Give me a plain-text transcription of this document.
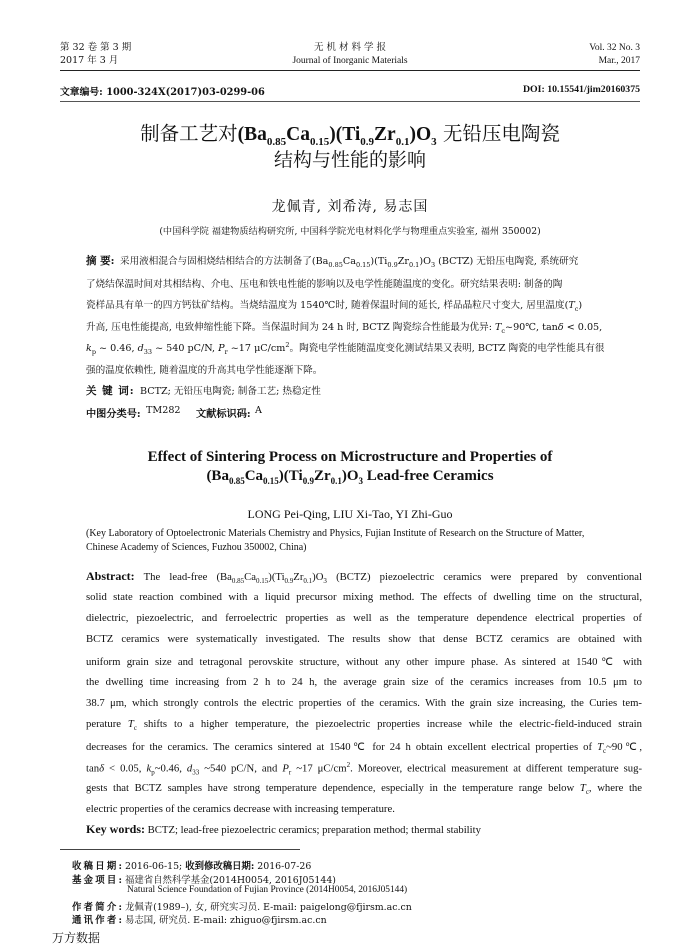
第 32 卷 第 3 期
2017 年 3 月
无 机 材 料 学 报
Journal of Inorganic Materials
Vol. 32 No. 3
Mar., 2017
文章编号: 1000-324X(2017)03-0299-06	DOI: 10.15541/jim20160375
制备工艺对$(Ba_{0.85}Ca_{0.15})(Ti_{0.9}Zr_{0.1})O_3$ 无铅压电陶瓷
结构与性能的影响
龙佩青, 刘希涛, 易志国
(中国科学院 福建物质结构研究所, 中国科学院光电材料化学与物理重点实验室, 福州 350002)
摘 要: 采用液相混合与固相烧结相结合的方法制备了$(Ba_{0.85}Ca_{0.15})(Ti_{0.9}Zr_{0.1})O_3$ (BCTZ) 无铅压电陶瓷, 系统研究
了烧结保温时间对其相结构、介电、压电和铁电性能的影响以及电学性能随温度的变化。研究结果表明: 制备的陶
瓷样品具有单一的四方钙钛矿结构。当烧结温度为 1540℃时, 随着保温时间的延长, 样品晶粒尺寸变大, 居里温度$(T_c)$
升高, 压电性能提高, 电致伸缩性能下降。当保温时间为 24 h 时, BCTZ 陶瓷综合性能最为优异: $T_c\sim 90℃$, tanδ < 0.05,
$k_p$ ~ 0.46, $d_{33}$ ~ 540 pC/N, $P_r$ ~17 $\mu C/cm^2$。陶瓷电学性能随温度变化测试结果又表明, BCTZ 陶瓷的电学性能具有很
强的温度依赖性, 随着温度的升高其电学性能逐渐下降。
关 键 词: BCTZ; 无铅压电陶瓷; 制备工艺; 热稳定性
中图分类号: TM282 文献标识码: A
Effect of Sintering Process on Microstructure and Properties of
$(Ba_{0.85}Ca_{0.15})(Ti_{0.9}Zr_{0.1})O_3$ Lead-free Ceramics
LONG Pei-Qing, LIU Xi-Tao, YI Zhi-Guo
(Key Laboratory of Optoelectronic Materials Chemistry and Physics, Fujian Institute of Research on the Structure of Matter,
Chinese Academy of Sciences, Fuzhou 350002, China)
Abstract: The lead-free $(Ba_{0.85}Ca_{0.15})(Ti_{0.9}Zr_{0.1})O_3$ (BCTZ) piezoelectric ceramics were prepared by conventional
solid state reaction combined with a liquid precursor mixing method. The effects of dwelling time on the structural,
dielectric, piezoelectric, and ferroelectric properties as well as the temperature dependence electrical properties of
BCTZ ceramics were systematically investigated. The results show that dense BCTZ ceramics are obtained with
uniform grain size and tetragonal perovskite structure, without any other impure phase. As sintered at 1540℃ with
the dwelling time increasing from 2 h to 24 h, the average grain size of the ceramics increases from 10.5 μm to
38.7 μm, which strongly controls the electric properties of the ceramics. With the grain size increasing, the Curies tem-
perature $T_c$ shifts to a higher temperature, the piezoelectric properties increase while the electric-field-induced strain
decreases for the ceramics. The ceramics sintered at 1540℃ for 24 h obtain excellent electrical properties of $T_c\sim 90℃$,
tanδ < 0.05, $k_p\sim 0.46$, $d_{33}$ ~540 pC/N, and $P_r$ ~17 $\mu C/cm^2$. Moreover, electrical measurement at different temperature sug-
gests that BCTZ samples have strong temperature dependence, especially in the temperature range below $T_c$, where the
electric properties of the ceramics decrease with increasing temperature.
Key words: BCTZ; lead-free piezoelectric ceramics; preparation method; thermal stability
收稿日期: 2016-06-15; 收到修改稿日期: 2016-07-26
基金项目: 福建省自然科学基金(2014H0054, 2016J05144)
Natural Science Foundation of Fujian Province (2014H0054, 2016J05144)
作者简介: 龙佩青(1989–), 女, 研究实习员. E-mail: paigelong@fjirsm.ac.cn
通讯作者: 易志国, 研究员. E-mail: zhiguo@fjirsm.ac.cn
万方数据
